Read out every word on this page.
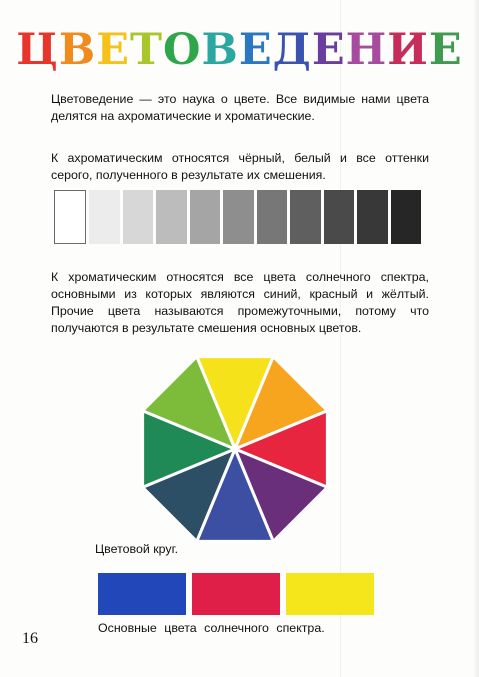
ЦВЕТОВЕДЕНИЕ
Цветоведение — это наука о цвете. Все видимые нами цвета делятся на ахроматические и хроматические.
К ахроматическим относятся чёрный, белый и все оттенки серого, полученного в результате их смешения.
К хроматическим относятся все цвета солнечного спектра, основными из которых являются синий, красный и жёлтый. Прочие цвета называются промежуточными, потому что получаются в результате смешения основных цветов.
Цветовой круг.
Основные цвета солнечного спектра.
16
